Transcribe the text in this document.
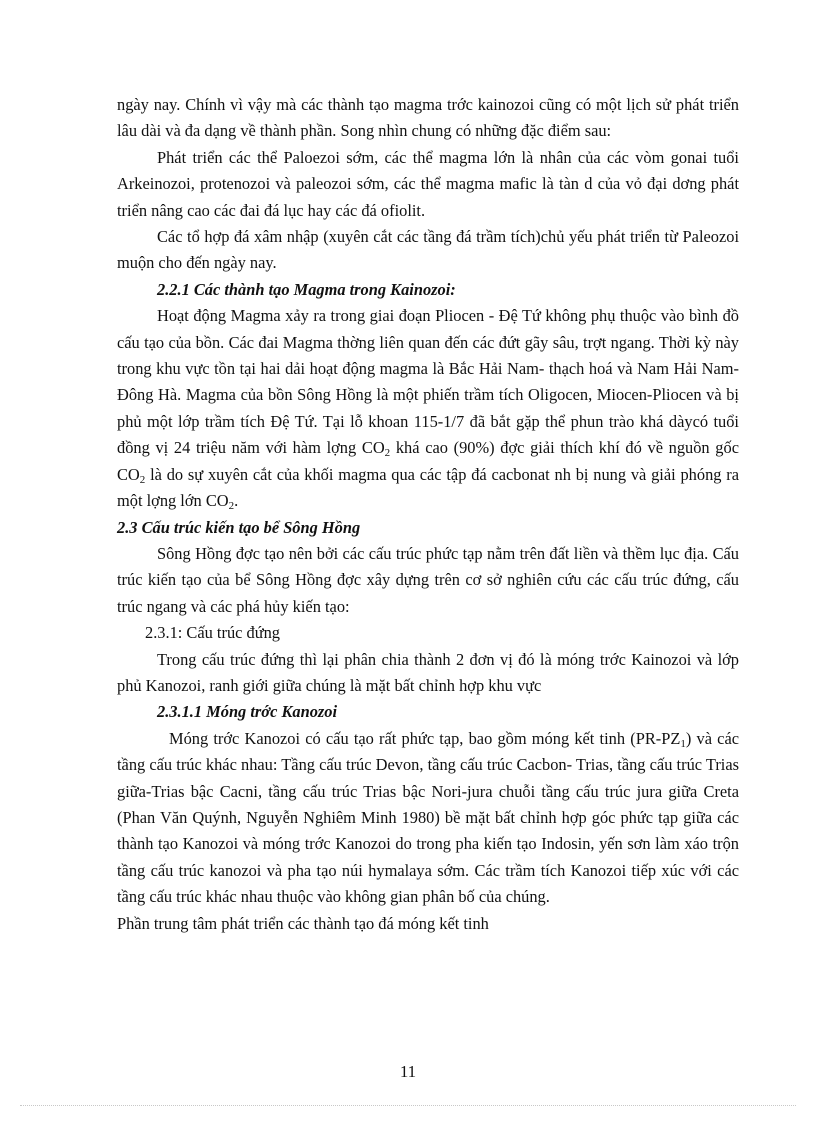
ngày nay. Chính vì vậy mà các thành tạo magma trớc kainozoi cũng có một lịch sử phát triển lâu dài và đa dạng về thành phần. Song nhìn chung có những đặc điểm sau:

Phát triển các thể Paloezoi sớm, các thể magma lớn là nhân của các vòm gonai tuổi Arkeinozoi, protenozoi và paleozoi sớm, các thể magma mafic là tàn d của vỏ đại dơng phát triển nâng cao các đai đá lục hay các đá ofiolit.

Các tổ hợp đá xâm nhập (xuyên cắt các tầng đá trầm tích)chủ yếu phát triển từ Paleozoi muộn cho đến ngày nay.

2.2.1 Các thành tạo Magma trong Kainozoi:

Hoạt động Magma xảy ra trong giai đoạn Pliocen - Đệ Tứ không phụ thuộc vào bình đồ cấu tạo của bồn. Các đai Magma thờng liên quan đến các đứt gãy sâu, trợt ngang. Thời kỳ này trong khu vực tồn tại hai dải hoạt động magma là Bắc Hải Nam- thạch hoá và Nam Hải Nam-Đông Hà. Magma của bồn Sông Hồng là một phiến trầm tích Oligocen, Miocen-Pliocen và bị phủ một lớp trầm tích Đệ Tứ. Tại lỗ khoan 115-1/7 đã bắt gặp thể phun trào khá dàycó tuổi đồng vị 24 triệu năm với hàm lợng $CO_2$ khá cao (90%) đợc giải thích khí đó về nguồn gốc $CO_2$ là do sự xuyên cắt của khối magma qua các tập đá cacbonat nh bị nung và giải phóng ra một lợng lớn $CO_2$.

2.3 Cấu trúc kiến tạo bể Sông Hồng

Sông Hồng đợc tạo nên bởi các cấu trúc phức tạp nằm trên đất liền và thềm lục địa. Cấu trúc kiến tạo của bể Sông Hồng đợc xây dựng trên cơ sở nghiên cứu các cấu trúc đứng, cấu trúc ngang và các phá hủy kiến tạo:

2.3.1: Cấu trúc đứng

Trong cấu trúc đứng thì lại phân chia thành 2 đơn vị đó là móng trớc Kainozoi và lớp phủ Kanozoi, ranh giới giữa chúng là mặt bất chỉnh hợp khu vực

2.3.1.1 Móng trớc Kanozoi

Móng trớc Kanozoi có cấu tạo rất phức tạp, bao gồm móng kết tinh $(PR-PZ_1)$ và các tầng cấu trúc khác nhau: Tầng cấu trúc Devon, tầng cấu trúc Cacbon- Trias, tầng cấu trúc Trias giữa-Trias bậc Cacni, tầng cấu trúc Trias bậc Nori-jura chuỗi tầng cấu trúc jura giữa Creta (Phan Văn Quýnh, Nguyễn Nghiêm Minh 1980) bề mặt bất chỉnh hợp góc phức tạp giữa các thành tạo Kanozoi và móng trớc Kanozoi do trong pha kiến tạo Indosin, yến sơn làm xáo trộn tầng cấu trúc kanozoi và pha tạo núi hymalaya sớm. Các trầm tích Kanozoi tiếp xúc với các tầng cấu trúc khác nhau thuộc vào không gian phân bố của chúng.

Phần trung tâm phát triển các thành tạo đá móng kết tinh

11
